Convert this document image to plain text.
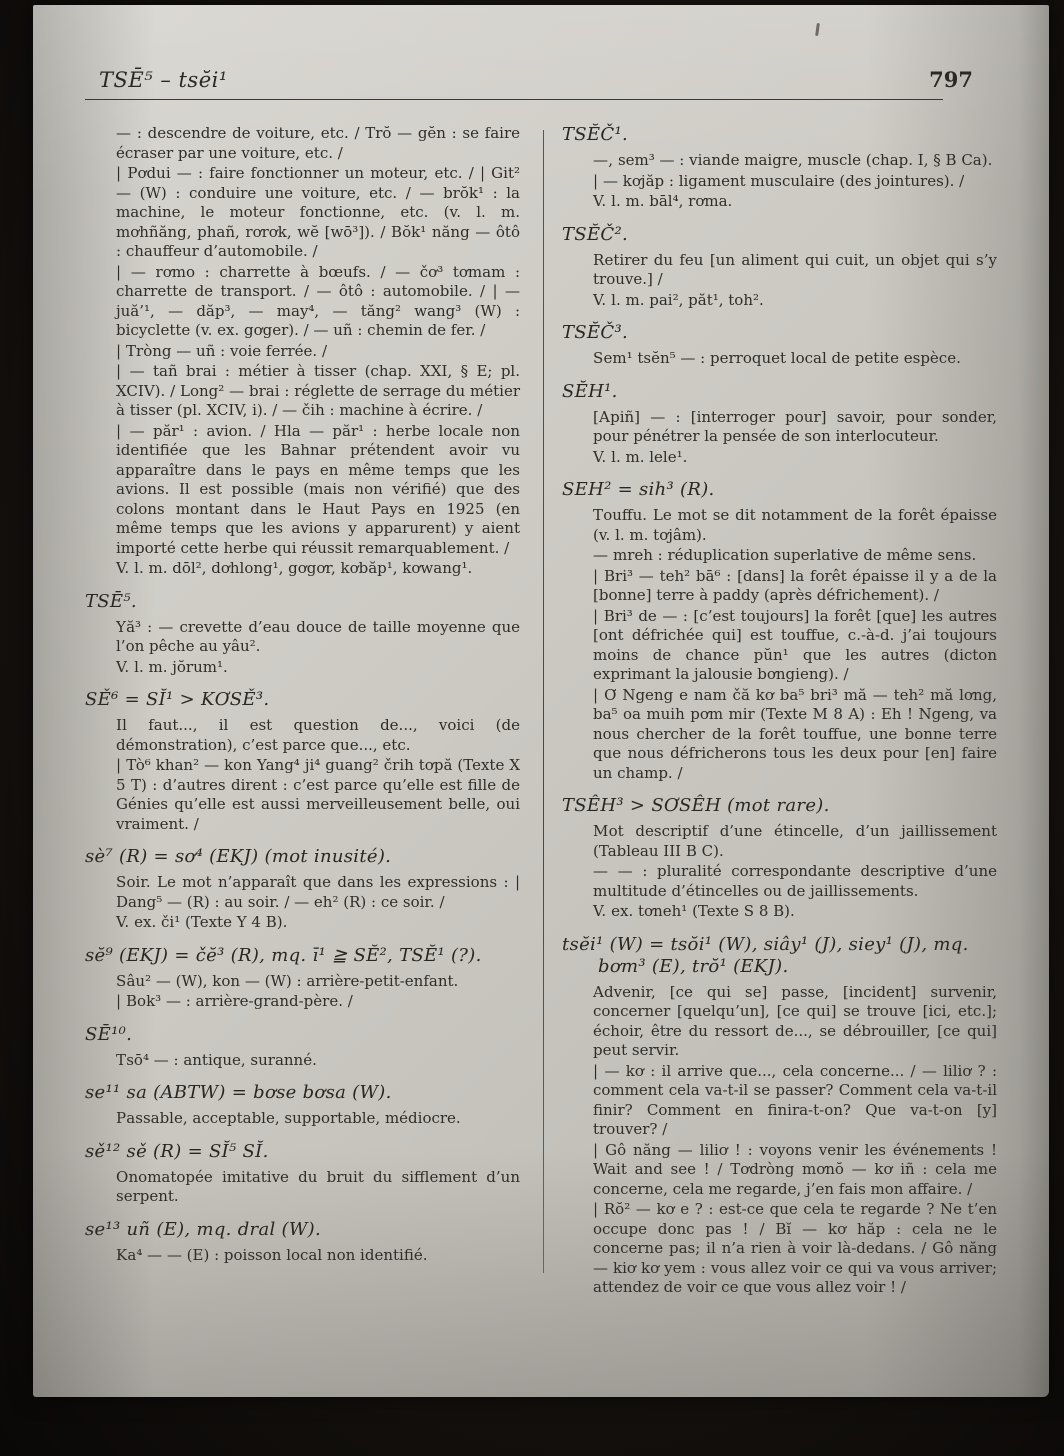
TSĒ⁵ – tsĕi¹	797

— : descendre de voiture, etc. / Trŏ — gĕn : se faire écraser par une voiture, etc. /

| Pơdui — : faire fonctionner un moteur, etc. / | Git² — (W) : conduire une voiture, etc. / — brŏk¹ : la machine, le moteur fonctionne, etc. (v. l. m. mơhñăng, phañ, rơrơk, wĕ [wō³]). / Bŏk¹ năng — ôtô : chauffeur d’automobile. /

| — rơmo : charrette à bœufs. / — čơ³ tơmam : charrette de transport. / — ôtô : automobile. / | — juă’¹, — dăp³, — may⁴, — tăng² wang³ (W) : bicyclette (v. ex. gơger). / — uñ : chemin de fer. /

| Tròng — uñ : voie ferrée. /

| — tañ brai : métier à tisser (chap. XXI, § E; pl. XCIV). / Long² — brai : réglette de serrage du métier à tisser (pl. XCIV, i). / — čih : machine à écrire. /

| — păr¹ : avion. / Hla — păr¹ : herbe locale non identifiée que les Bahnar prétendent avoir vu apparaître dans le pays en même temps que les avions. Il est possible (mais non vérifié) que des colons montant dans le Haut Pays en 1925 (en même temps que les avions y apparurent) y aient importé cette herbe qui réussit remarquablement. /

V. l. m. dōl², dơhlong¹, gơgơr, kơbăp¹, kơwang¹.

TSĒ⁵.

Yă³ : — crevette d’eau douce de taille moyenne que l’on pêche au yâu².

V. l. m. jŏrum¹.

SĚ⁶ = SĬ¹ > KƠSĚ³.

Il faut..., il est question de..., voici (de démonstration), c’est parce que..., etc.

| Tò⁶ khan² — kon Yang⁴ ji⁴ guang² črih tơpă (Texte X 5 T) : d’autres dirent : c’est parce qu’elle est fille de Génies qu’elle est aussi merveilleusement belle, oui vraiment. /

sè⁷ (R) = sơ⁴ (EKJ) (mot inusité).

Soir. Le mot n’apparaît que dans les expressions : | Dang⁵ — (R) : au soir. / — eh² (R) : ce soir. /

V. ex. či¹ (Texte Y 4 B).

sĕ⁹ (EKJ) = čĕ³ (R), mq. ī¹ ≧ SĔ², TSĔ¹ (?).

Sâu² — (W), kon — (W) : arrière-petit-enfant.

| Bok³ — : arrière-grand-père. /

SĒ¹⁰.

Tsō⁴ — : antique, suranné.

se¹¹ sa (ABTW) = bơse bơsa (W).

Passable, acceptable, supportable, médiocre.

sě¹² sě (R) = SĬ⁵ SĬ.

Onomatopée imitative du bruit du sifflement d’un serpent.

se¹³ uñ (E), mq. dral (W).

Ka⁴ — — (E) : poisson local non identifié.

TSĔČ¹.

—, sem³ — : viande maigre, muscle (chap. I, § B Ca).

| — kơjăp : ligament musculaire (des jointures). /

V. l. m. bāl⁴, rơma.

TSĔČ².

Retirer du feu [un aliment qui cuit, un objet qui s’y trouve.] /

V. l. m. pai², păt¹, toh².

TSĔČ³.

Sem¹ tsĕn⁵ — : perroquet local de petite espèce.

SĔH¹.

[Apiñ] — : [interroger pour] savoir, pour sonder, pour pénétrer la pensée de son interlocuteur.

V. l. m. lele¹.

SEH² = sih³ (R).

Touffu. Le mot se dit notamment de la forêt épaisse (v. l. m. tơjâm).

— mreh : réduplication superlative de même sens.

| Bri³ — teh² bā⁶ : [dans] la forêt épaisse il y a de la [bonne] terre à paddy (après défrichement). /

| Bri³ de — : [c’est toujours] la forêt [que] les autres [ont défrichée qui] est touffue, c.-à-d. j’ai toujours moins de chance pŭn¹ que les autres (dicton exprimant la jalousie bơngieng). /

| Ơ Ngeng e nam čă kơ ba⁵ bri³ mă — teh² mă lơng, ba⁵ oa muih pơm mir (Texte M 8 A) : Eh ! Ngeng, va nous chercher de la forêt touffue, une bonne terre que nous défricherons tous les deux pour [en] faire un champ. /

TSÊH³ > SƠSÊH (mot rare).

Mot descriptif d’une étincelle, d’un jaillissement (Tableau III B C).

— — : pluralité correspondante descriptive d’une multitude d’étincelles ou de jaillissements.

V. ex. tơneh¹ (Texte S 8 B).

tsĕi¹ (W) = tsŏi¹ (W), siây¹ (J), siey¹ (J), mq. bơm³ (E), trŏ¹ (EKJ).

Advenir, [ce qui se] passe, [incident] survenir, concerner [quelqu’un], [ce qui] se trouve [ici, etc.]; échoir, être du ressort de..., se débrouiller, [ce qui] peut servir.

| — kơ : il arrive que..., cela concerne... / — liliơ ? : comment cela va-t-il se passer? Comment cela va-t-il finir? Comment en finira-t-on? Que va-t-on [y] trouver? /

| Gô năng — liliơ ! : voyons venir les événements ! Wait and see ! / Tơdròng mơnŏ — kơ iñ : cela me concerne, cela me regarde, j’en fais mon affaire. /

| Rŏ² — kơ e ? : est-ce que cela te regarde ? Ne t’en occupe donc pas ! / Bĭ — kơ hăp : cela ne le concerne pas; il n’a rien à voir là-dedans. / Gô năng — kiơ kơ yem : vous allez voir ce qui va vous arriver; attendez de voir ce que vous allez voir ! /
